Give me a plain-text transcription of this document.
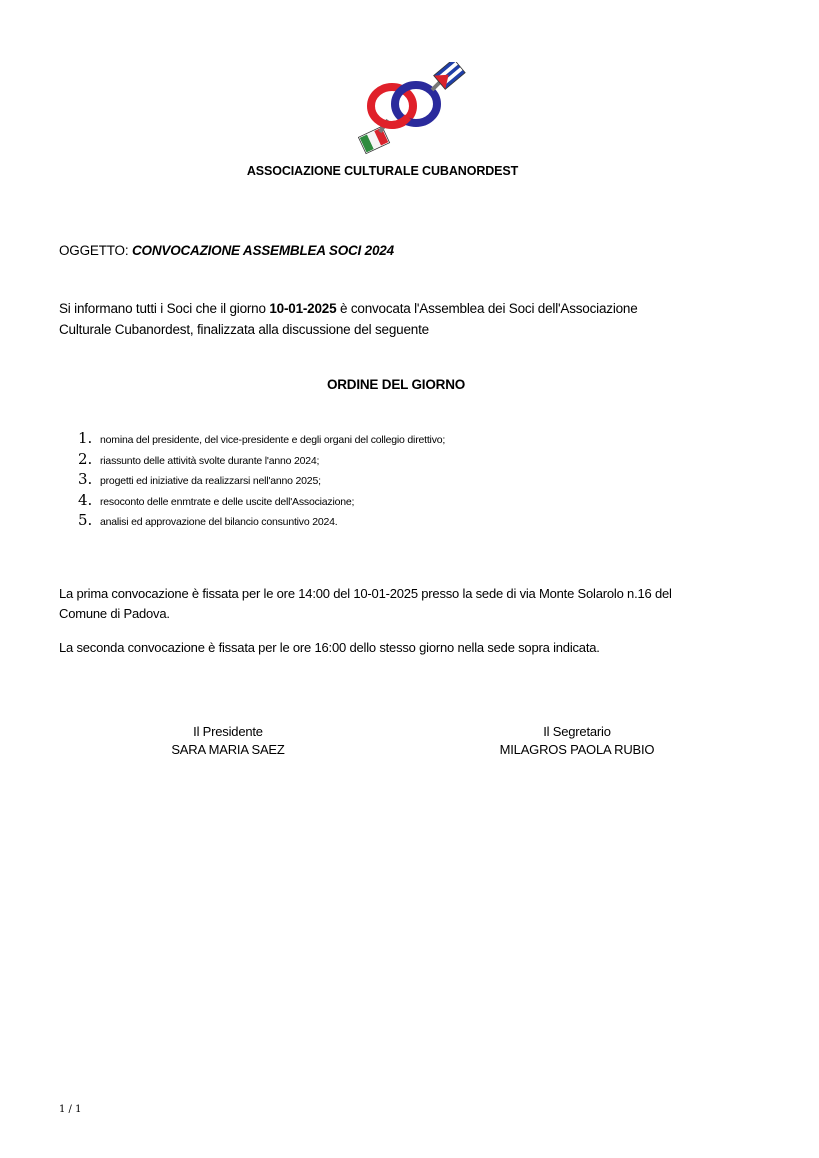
ASSOCIAZIONE CULTURALE CUBANORDEST
OGGETTO: CONVOCAZIONE ASSEMBLEA SOCI 2024
Si informano tutti i Soci che il giorno 10-01-2025 è convocata l'Assemblea dei Soci dell'Associazione Culturale Cubanordest, finalizzata alla discussione del seguente
ORDINE DEL GIORNO
1. nomina del presidente, del vice-presidente e degli organi del collegio direttivo;
2. riassunto delle attività svolte durante l'anno 2024;
3. progetti ed iniziative da realizzarsi nell'anno 2025;
4. resoconto delle enmtrate e delle uscite dell'Associazione;
5. analisi ed approvazione del bilancio consuntivo 2024.
La prima convocazione è fissata per le ore 14:00 del 10-01-2025 presso la sede di via Monte Solarolo n.16 del Comune di Padova.
La seconda convocazione è fissata per le ore 16:00 dello stesso giorno nella sede sopra indicata.
Il Presidente
SARA MARIA SAEZ
Il Segretario
MILAGROS PAOLA RUBIO
1 / 1
